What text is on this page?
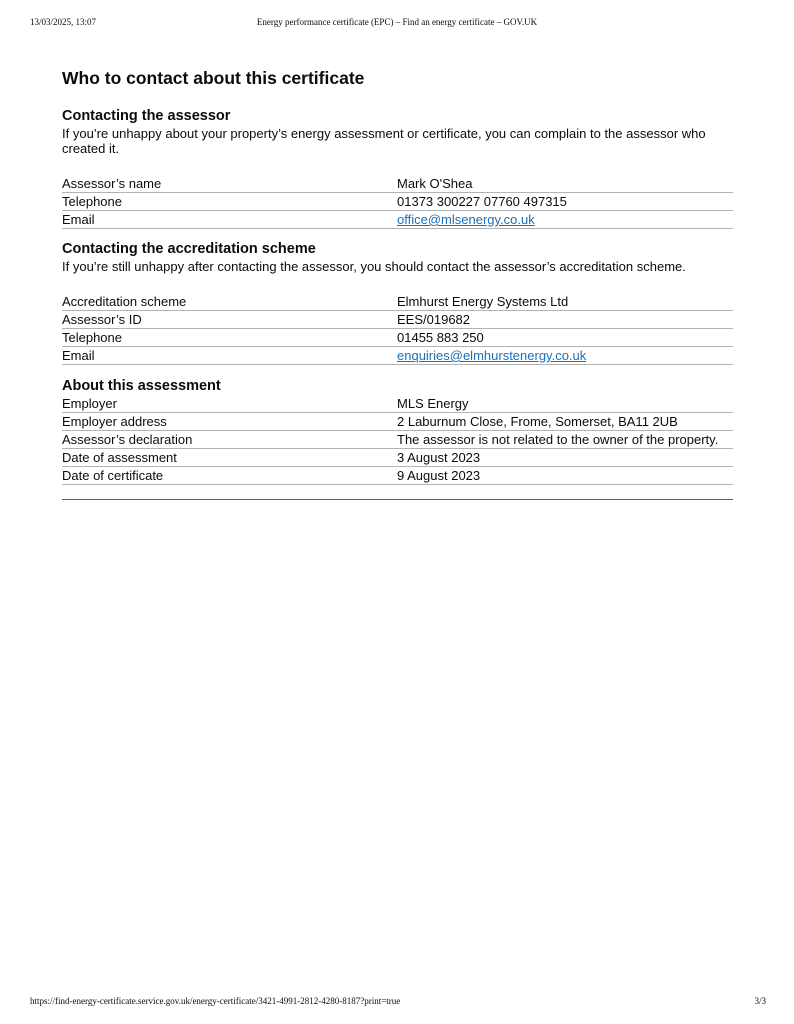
13/03/2025, 13:07	Energy performance certificate (EPC) – Find an energy certificate – GOV.UK
Who to contact about this certificate
Contacting the assessor

If you’re unhappy about your property’s energy assessment or certificate, you can complain to the assessor who created it.

Assessor’s name	Mark O'Shea
Telephone	01373 300227 07760 497315
Email	office@mlsenergy.co.uk
Contacting the accreditation scheme

If you’re still unhappy after contacting the assessor, you should contact the assessor’s accreditation scheme.

Accreditation scheme	Elmhurst Energy Systems Ltd
Assessor’s ID	EES/019682
Telephone	01455 883 250
Email	enquiries@elmhurstenergy.co.uk
About this assessment
Employer	MLS Energy
Employer address	2 Laburnum Close, Frome, Somerset, BA11 2UB
Assessor’s declaration	The assessor is not related to the owner of the property.
Date of assessment	3 August 2023
Date of certificate	9 August 2023
https://find-energy-certificate.service.gov.uk/energy-certificate/3421-4991-2812-4280-8187?print=true	3/3
